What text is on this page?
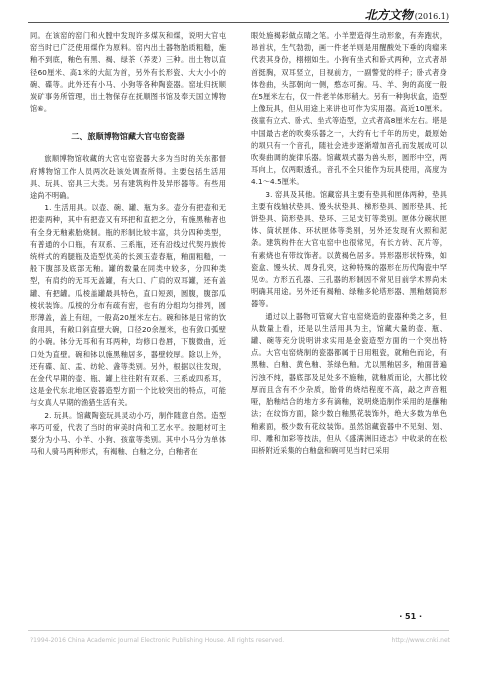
北方文物 (2016.1)

同。在该窑的窑门和火膛中发现许多煤灰和煤，说明大官屯窑当时已广泛使用煤作为原料。窑内出土器物胎质粗糙，施釉不到底，釉色有黑、褐、绿茶（养麦）三种。出土物以直径60厘米、高1米的大缸为首，另外有长形瓷、大大小小的碗、碟等。此外还有小马、小狗等各种陶瓷器。窑址归抚顺炭矿事务所管理，出土物保存在抚顺图书馆及奉天国立博物馆⑥。

二、旅顺博物馆藏大官屯窑瓷器

旅顺博物馆收藏的大官屯窑瓷器大多为当时的关东都督府博物馆工作人员两次赴该处调查所得。主要包括生活用具、玩具、窑具三大类。另有建筑构件及异形器等。有些用途尚不明确。

1. 生活用具。以壶、碗、罐、瓶为多。壶分有把壶和无把壶两种，其中有把壶又有环把和直把之分，有施黑釉者也有全身无釉素胎烧制。瓶的形制比较丰富，共分四种类型，有普通的小口瓶，有双系、三系瓶，还有沿线过代契丹族传统样式的鸡腿瓶及造型优美的长颈玉壶春瓶，釉面粗糙，一般下腹部及底部无釉。罐的数量在同类中较多，分四种类型，有肩约的无耳无盖罐，有大口、广肩的双耳罐，还有盖罐、有把罐。瓜棱盖罐最具特色，直口短颈，圆腹，腹部瓜棱状装饰。瓜棱的分布有疏有密，也有的分组均匀排列，圆形薄盖，盖上有纽，一般高20厘米左右。碗和钵是日常的饮食用具，有敞口斜直壁大碗，口径20余厘米，也有敛口弧壁的小碗。钵分无耳和有耳两种，均修口卷唇，下腹微曲，近口处为直壁。碗和钵以施黑釉居多，器壁较厚。除以上外，还有碟、缸、盂、纺轮、盏等类别。另外，根据以往发现，在金代早期的壶、瓶、罐上往往附有双系、三系或四系耳，这是金代东北地区瓷器造型方面一个比较突出的特点，可能与女真人早期的渔猎生活有关。

2. 玩具。馆藏陶瓷玩具灵动小巧，制作随意自然。造型率巧可爱，代表了当时的审美时尚和工艺水平。按题材可主要分为小马、小羊、小狗、孩童等类别。其中小马分为单体马和人骑马两种形式，有褐釉、白釉之分，白釉者在

眼处施褐彩做点睛之笔。小羊塑造得生动形象，有奔跑状，昂首状，生气勃勃，画一件老羊则是用醒酸处下垂的肉瘤来代表其身份，栩栩如生。小狗有坐式和卧式两种，立式者昂首挺胸，双耳竖立，目视前方，一副警觉的样子；卧式者身体卷曲，头部朝向一侧，憨态可掬。马、羊、狗的高度一般在5厘米左右，仅一件老羊体形稍大。另有一种狗状盒，造型上像玩具，但从用途上来讲也可作为实用器。高近10厘米。孩童有立式、卧式、坐式等造型，立式者高8厘米左右。堪是中国最古老的吹奏乐器之一，大约有七千年的历史，最原始的埙只有一个音孔，随社会进步逐渐增加音孔而发展成可以吹奏曲调的旋律乐器。馆藏埙式器为兽头形，圆形中空，两耳向上，仅两眼透孔，音孔不全只能作为玩具使用，高度为4.1～4.5厘米。

3. 窑具及其他。馆藏窑具主要有垫具和匣体两种，垫具主要有线轴状垫具、馒头状垫具、梯形垫具、圆形垫具、托饼垫具、筒形垫具、垫环、三足支钉等类别。匣体分碗状匣体、筒状匣体、环状匣体等类别，另外还发现有火照和泥条。建筑构件在大官屯窑中也很常见，有长方砖、瓦片等，有素烧也有带纹饰者。以黄褐色居多。异形器形状特殊，如瓷盒、馒头状、周身孔突，这种特殊的器形在历代陶瓷中罕见⑦。方形五孔器、三孔器的形制因不常见目前学术界尚未明确其用途。另外还有褐釉、绿釉多轮塔形器、黑釉烟筒形器等。

通过以上器物可管窥大官屯窑烧造的瓷器种类之多，但从数量上看，还是以生活用具为主，馆藏大量的壶、瓶、罐、碗等充分说明讲求实用是金瓷造型方面的一个突出特点。大官屯窑烧制的瓷器都属于日用粗瓷，就釉色而论，有黑釉、白釉、黄色釉、茶绿色釉。尤以黑釉居多，釉面普遍污浊不纯，器底部及足处多不施釉，就釉质而论，大都比较厚而且含有不少杂质，胎骨的烧结程度不高，敲之声音粗哑，胎釉结合的地方多有滴釉，说明烧造制作采用的是蘸釉法；在纹饰方面，除少数白釉黑花装饰外，绝大多数为单色釉素面，极少数有花纹装饰。虽然馆藏瓷器中不见刻、划、印、雕和加彩等技法，但从《盛满洲旧迹志》中收录的在松田桥附近采集的白釉盘和碗可见当时已采用

· 51 ·
?1994-2016 China Academic Journal Electronic Publishing House. All rights reserved.	http://www.cnki.net
